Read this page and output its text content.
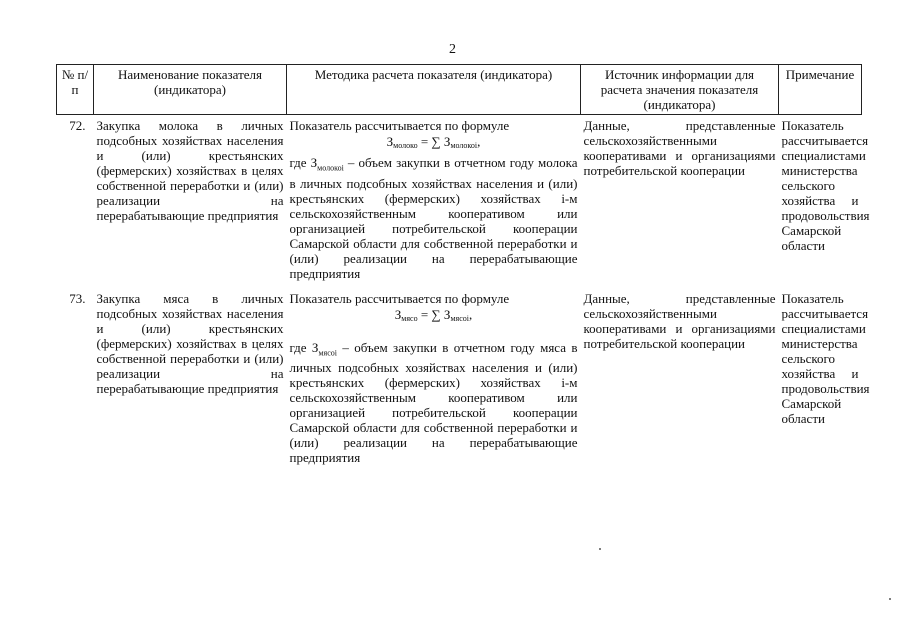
2
№ п/п	Наименование показателя (индикатора)	Методика расчета показателя (индикатора)	Источник информации для расчета значения показателя (индикатора)	Примечание
72.	Закупка молока в личных подсобных хозяйствах населения и (или) крестьянских (фермерских) хозяйствах в целях собственной переработки и (или) реализации на перерабатывающие предприятия	Показатель рассчитывается по формуле
$З_{молоко}$ = ∑ $З_{молокоi}$,
где $З_{молокоi}$ – объем закупки в отчетном году молока в личных подсобных хозяйствах населения и (или) крестьянских (фермерских) хозяйствах i-м сельскохозяйственным кооперативом или организацией потребительской кооперации Самарской области для собственной переработки и (или) реализации на перерабатывающие предприятия	Данные, представленные сельскохозяйственными кооперативами и организациями потребительской кооперации	Показатель рассчитывается специалистами министерства сельского хозяйства и продовольствия Самарской области
73.	Закупка мяса в личных подсобных хозяйствах населения и (или) крестьянских (фермерских) хозяйствах в целях собственной переработки и (или) реализации на перерабатывающие предприятия	Показатель рассчитывается по формуле
$З_{мясо}$ = ∑ $З_{мясоi}$,
где $З_{мясоi}$ – объем закупки в отчетном году мяса в личных подсобных хозяйствах населения и (или) крестьянских (фермерских) хозяйствах i-м сельскохозяйственным кооперативом или организацией потребительской кооперации Самарской области для собственной переработки и (или) реализации на перерабатывающие предприятия	Данные, представленные сельскохозяйственными кооперативами и организациями потребительской кооперации	Показатель рассчитывается специалистами министерства сельского хозяйства и продовольствия Самарской области
